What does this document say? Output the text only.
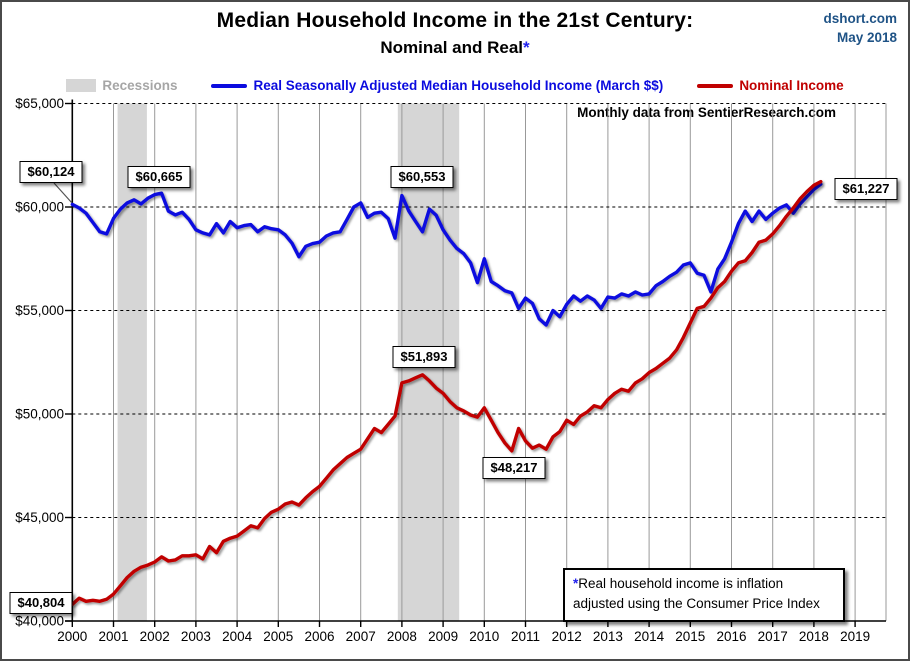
Median Household Income in the 21st Century:
Nominal and Real*
dshort.com
May 2018
Recessions	Real Seasonally Adjusted Median Household Income (March $$)	Nominal Income
Monthly data from SentierResearch.com
2000 2001 2002 2003 2004 2005 2006 2007 2008 2009 2010 2011 2012 2013 2014 2015 2016 2017 2018 2019
$65,000
$60,000
$55,000
$50,000
$45,000
$40,000
$60,124	$60,665	$60,553
$61,227
$51,893
$48,217
$40,804
*Real household income is inflation adjusted using the Consumer Price Index
